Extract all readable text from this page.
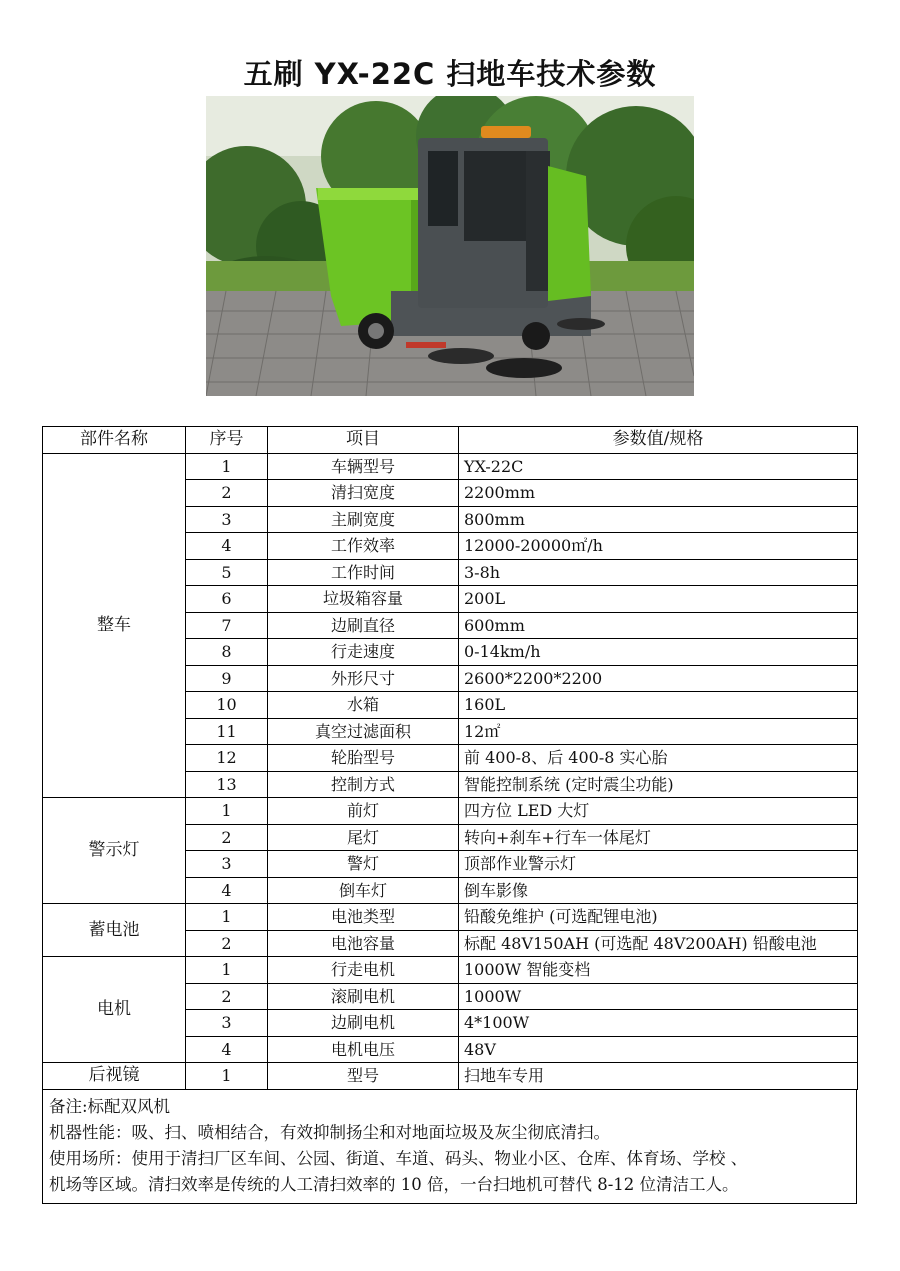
五刷 YX-22C 扫地车技术参数
部件名称	序号	项目	参数值/规格
整车	1	车辆型号	YX-22C
	2	清扫宽度	2200mm
	3	主刷宽度	800mm
	4	工作效率	12000-20000㎡/h
	5	工作时间	3-8h
	6	垃圾箱容量	200L
	7	边刷直径	600mm
	8	行走速度	0-14km/h
	9	外形尺寸	2600*2200*2200
	10	水箱	160L
	11	真空过滤面积	12㎡
	12	轮胎型号	前 400-8、后 400-8 实心胎
	13	控制方式	智能控制系统 (定时震尘功能)
警示灯	1	前灯	四方位 LED 大灯
	2	尾灯	转向+刹车+行车一体尾灯
	3	警灯	顶部作业警示灯
	4	倒车灯	倒车影像
蓄电池	1	电池类型	铅酸免维护 (可选配锂电池)
	2	电池容量	标配 48V150AH (可选配 48V200AH) 铅酸电池
电机	1	行走电机	1000W 智能变档
	2	滚刷电机	1000W
	3	边刷电机	4*100W
	4	电机电压	48V
后视镜	1	型号	扫地车专用

备注:标配双风机

机器性能：吸、扫、喷相结合，有效抑制扬尘和对地面垃圾及灰尘彻底清扫。

使用场所：使用于清扫厂区车间、公园、街道、车道、码头、物业小区、仓库、体育场、学校 、

机场等区域。清扫效率是传统的人工清扫效率的 10 倍，一台扫地机可替代 8-12 位清洁工人。
